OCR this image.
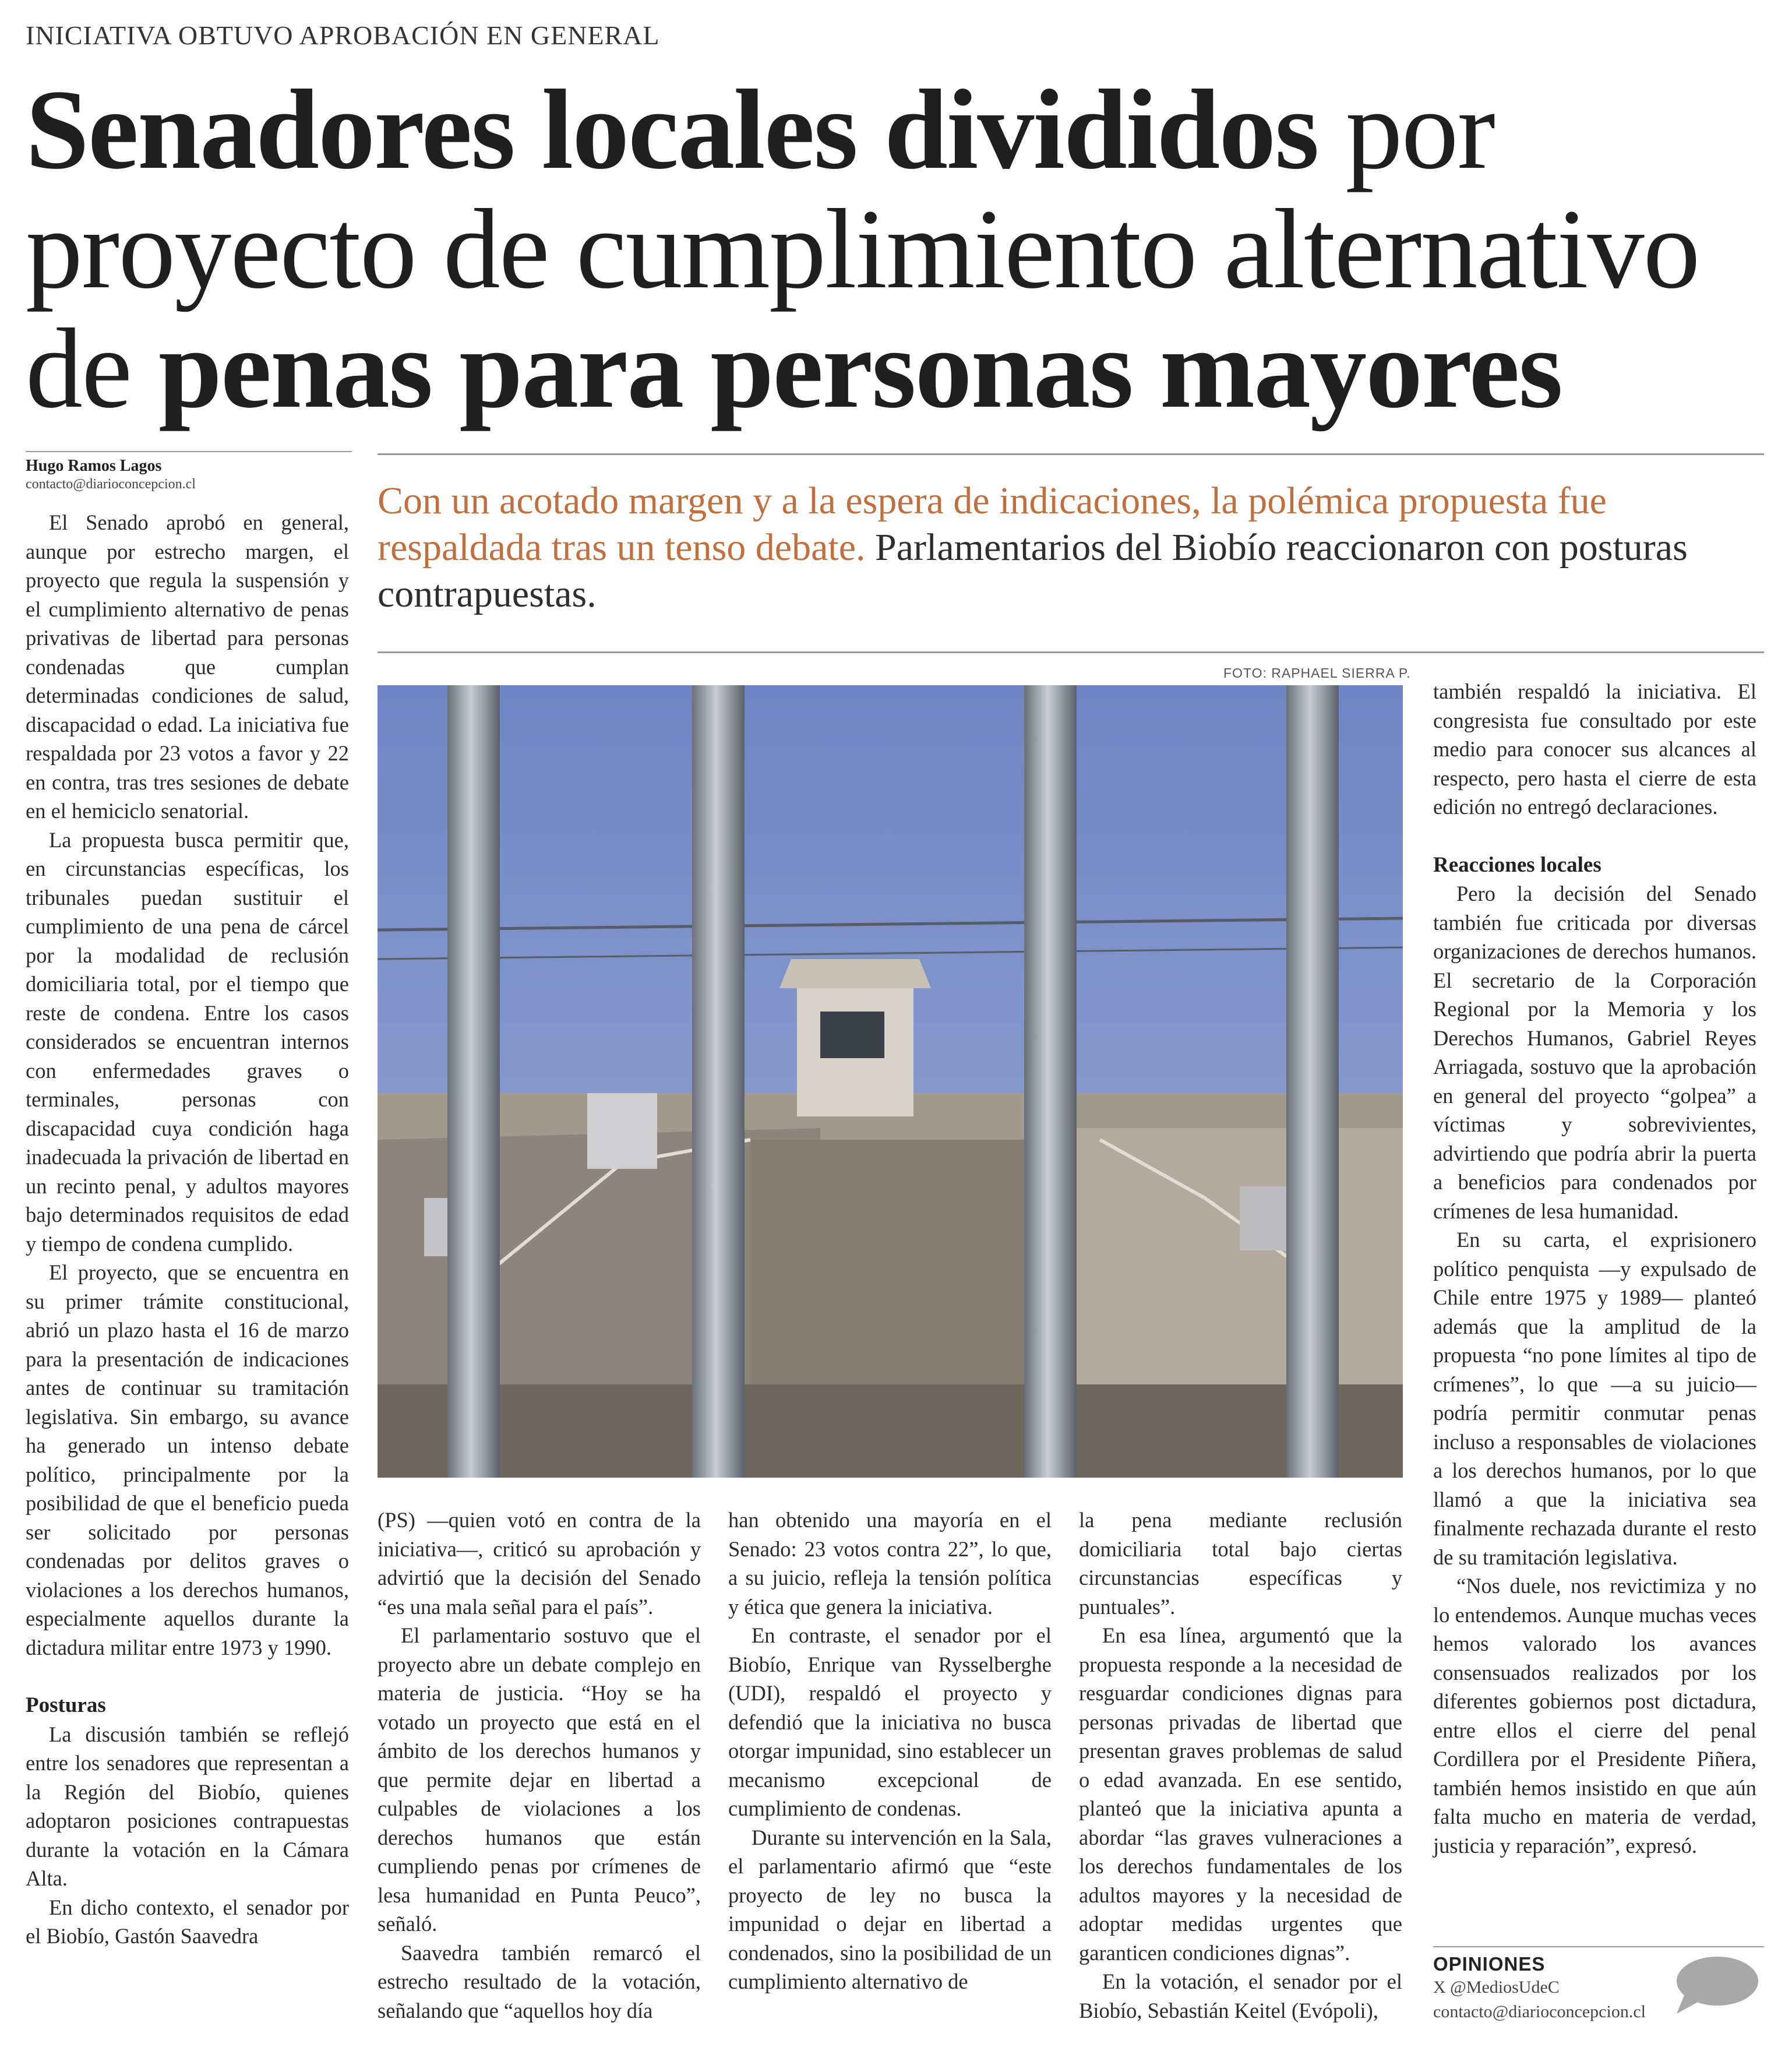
INICIATIVA OBTUVO APROBACIÓN EN GENERAL
Senadores locales divididos por
proyecto de cumplimiento alternativo
de penas para personas mayores
Hugo Ramos Lagos
contacto@diarioconcepcion.cl	Con un acotado margen y a la espera de indicaciones, la polémica propuesta fue respaldada tras un tenso debate. Parlamentarios del Biobío reaccionaron con posturas contrapuestas.
FOTO: RAPHAEL SIERRA P.

El Senado aprobó en general, aunque por estrecho margen, el proyecto que regula la suspensión y el cumplimiento alternativo de penas privativas de libertad para personas condenadas que cumplan determinadas condiciones de salud, discapacidad o edad. La iniciativa fue respaldada por 23 votos a favor y 22 en contra, tras tres sesiones de debate en el hemiciclo senatorial.

La propuesta busca permitir que, en circunstancias específicas, los tribunales puedan sustituir el cumplimiento de una pena de cárcel por la modalidad de reclusión domiciliaria total, por el tiempo que reste de condena. Entre los casos considerados se encuentran internos con enfermedades graves o terminales, personas con discapacidad cuya condición haga inadecuada la privación de libertad en un recinto penal, y adultos mayores bajo determinados requisitos de edad y tiempo de condena cumplido.

El proyecto, que se encuentra en su primer trámite constitucional, abrió un plazo hasta el 16 de marzo para la presentación de indicaciones antes de continuar su tramitación legislativa. Sin embargo, su avance ha generado un intenso debate político, principalmente por la posibilidad de que el beneficio pueda ser solicitado por personas condenadas por delitos graves o violaciones a los derechos humanos, especialmente aquellos durante la dictadura militar entre 1973 y 1990.

Posturas

La discusión también se reflejó entre los senadores que representan a la Región del Biobío, quienes adoptaron posiciones contrapuestas durante la votación en la Cámara Alta.

En dicho contexto, el senador por el Biobío, Gastón Saavedra

(PS) —quien votó en contra de la iniciativa—, criticó su aprobación y advirtió que la decisión del Senado “es una mala señal para el país”.

El parlamentario sostuvo que el proyecto abre un debate complejo en materia de justicia. “Hoy se ha votado un proyecto que está en el ámbito de los derechos humanos y que permite dejar en libertad a culpables de violaciones a los derechos humanos que están cumpliendo penas por crímenes de lesa humanidad en Punta Peuco”, señaló.

Saavedra también remarcó el estrecho resultado de la votación, señalando que “aquellos hoy día

han obtenido una mayoría en el Senado: 23 votos contra 22”, lo que, a su juicio, refleja la tensión política y ética que genera la iniciativa.

En contraste, el senador por el Biobío, Enrique van Rysselberghe (UDI), respaldó el proyecto y defendió que la iniciativa no busca otorgar impunidad, sino establecer un mecanismo excepcional de cumplimiento de condenas.

Durante su intervención en la Sala, el parlamentario afirmó que “este proyecto de ley no busca la impunidad o dejar en libertad a condenados, sino la posibilidad de un cumplimiento alternativo de

la pena mediante reclusión domiciliaria total bajo ciertas circunstancias específicas y puntuales”.

En esa línea, argumentó que la propuesta responde a la necesidad de resguardar condiciones dignas para personas privadas de libertad que presentan graves problemas de salud o edad avanzada. En ese sentido, planteó que la iniciativa apunta a abordar “las graves vulneraciones a los derechos fundamentales de los adultos mayores y la necesidad de adoptar medidas urgentes que garanticen condiciones dignas”.

En la votación, el senador por el Biobío, Sebastián Keitel (Evópoli),

también respaldó la iniciativa. El congresista fue consultado por este medio para conocer sus alcances al respecto, pero hasta el cierre de esta edición no entregó declaraciones.

Reacciones locales

Pero la decisión del Senado también fue criticada por diversas organizaciones de derechos humanos. El secretario de la Corporación Regional por la Memoria y los Derechos Humanos, Gabriel Reyes Arriagada, sostuvo que la aprobación en general del proyecto “golpea” a víctimas y sobrevivientes, advirtiendo que podría abrir la puerta a beneficios para condenados por crímenes de lesa humanidad.

En su carta, el exprisionero político penquista —y expulsado de Chile entre 1975 y 1989— planteó además que la amplitud de la propuesta “no pone límites al tipo de crímenes”, lo que —a su juicio— podría permitir conmutar penas incluso a responsables de violaciones a los derechos humanos, por lo que llamó a que la iniciativa sea finalmente rechazada durante el resto de su tramitación legislativa.

“Nos duele, nos revictimiza y no lo entendemos. Aunque muchas veces hemos valorado los avances consensuados realizados por los diferentes gobiernos post dictadura, entre ellos el cierre del penal Cordillera por el Presidente Piñera, también hemos insistido en que aún falta mucho en materia de verdad, justicia y reparación”, expresó.

OPINIONES
X @MediosUdeC
contacto@diarioconcepcion.cl
